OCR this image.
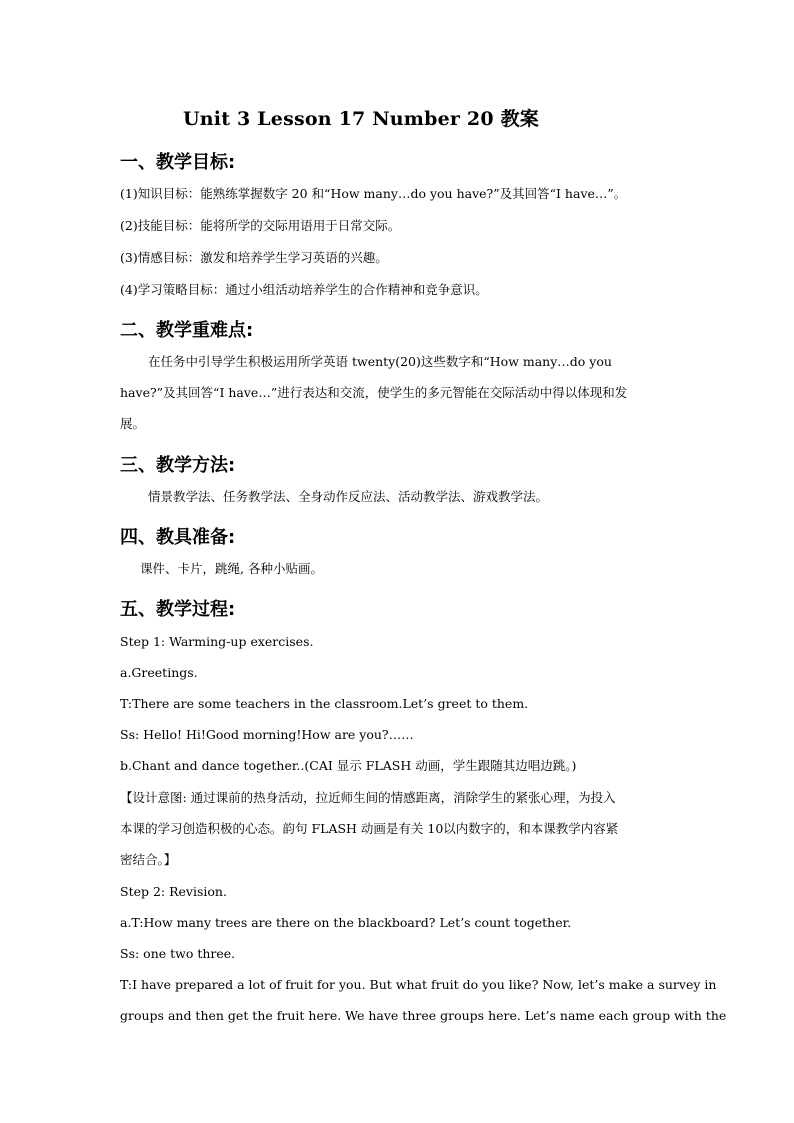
Unit 3 Lesson 17 Number 20 教案
一、教学目标:
(1)知识目标：能熟练掌握数字 20 和“How many…do you have?”及其回答“I have…”。
(2)技能目标：能将所学的交际用语用于日常交际。
(3)情感目标：激发和培养学生学习英语的兴趣。
(4)学习策略目标：通过小组活动培养学生的合作精神和竞争意识。
二、教学重难点:
在任务中引导学生积极运用所学英语 twenty(20)这些数字和“How many…do you
have?”及其回答“I have…”进行表达和交流，使学生的多元智能在交际活动中得以体现和发
展。
三、教学方法:
情景教学法、任务教学法、全身动作反应法、活动教学法、游戏教学法。
四、教具准备:
课件、卡片，跳绳, 各种小贴画。
五、教学过程:
Step 1: Warming-up exercises.
a.Greetings.
T:There are some teachers in the classroom.Let’s greet to them.
Ss: Hello! Hi!Good morning!How are you?……
b.Chant and dance together..(CAI 显示 FLASH 动画，学生跟随其边唱边跳。)
【设计意图: 通过课前的热身活动，拉近师生间的情感距离，消除学生的紧张心理，为投入
本课的学习创造积极的心态。韵句 FLASH 动画是有关 10以内数字的，和本课教学内容紧
密结合。】
Step 2: Revision.
a.T:How many trees are there on the blackboard? Let’s count together.
Ss: one two three.
T:I have prepared a lot of fruit for you. But what fruit do you like? Now, let’s make a survey in
groups and then get the fruit here. We have three groups here. Let’s name each group with the
